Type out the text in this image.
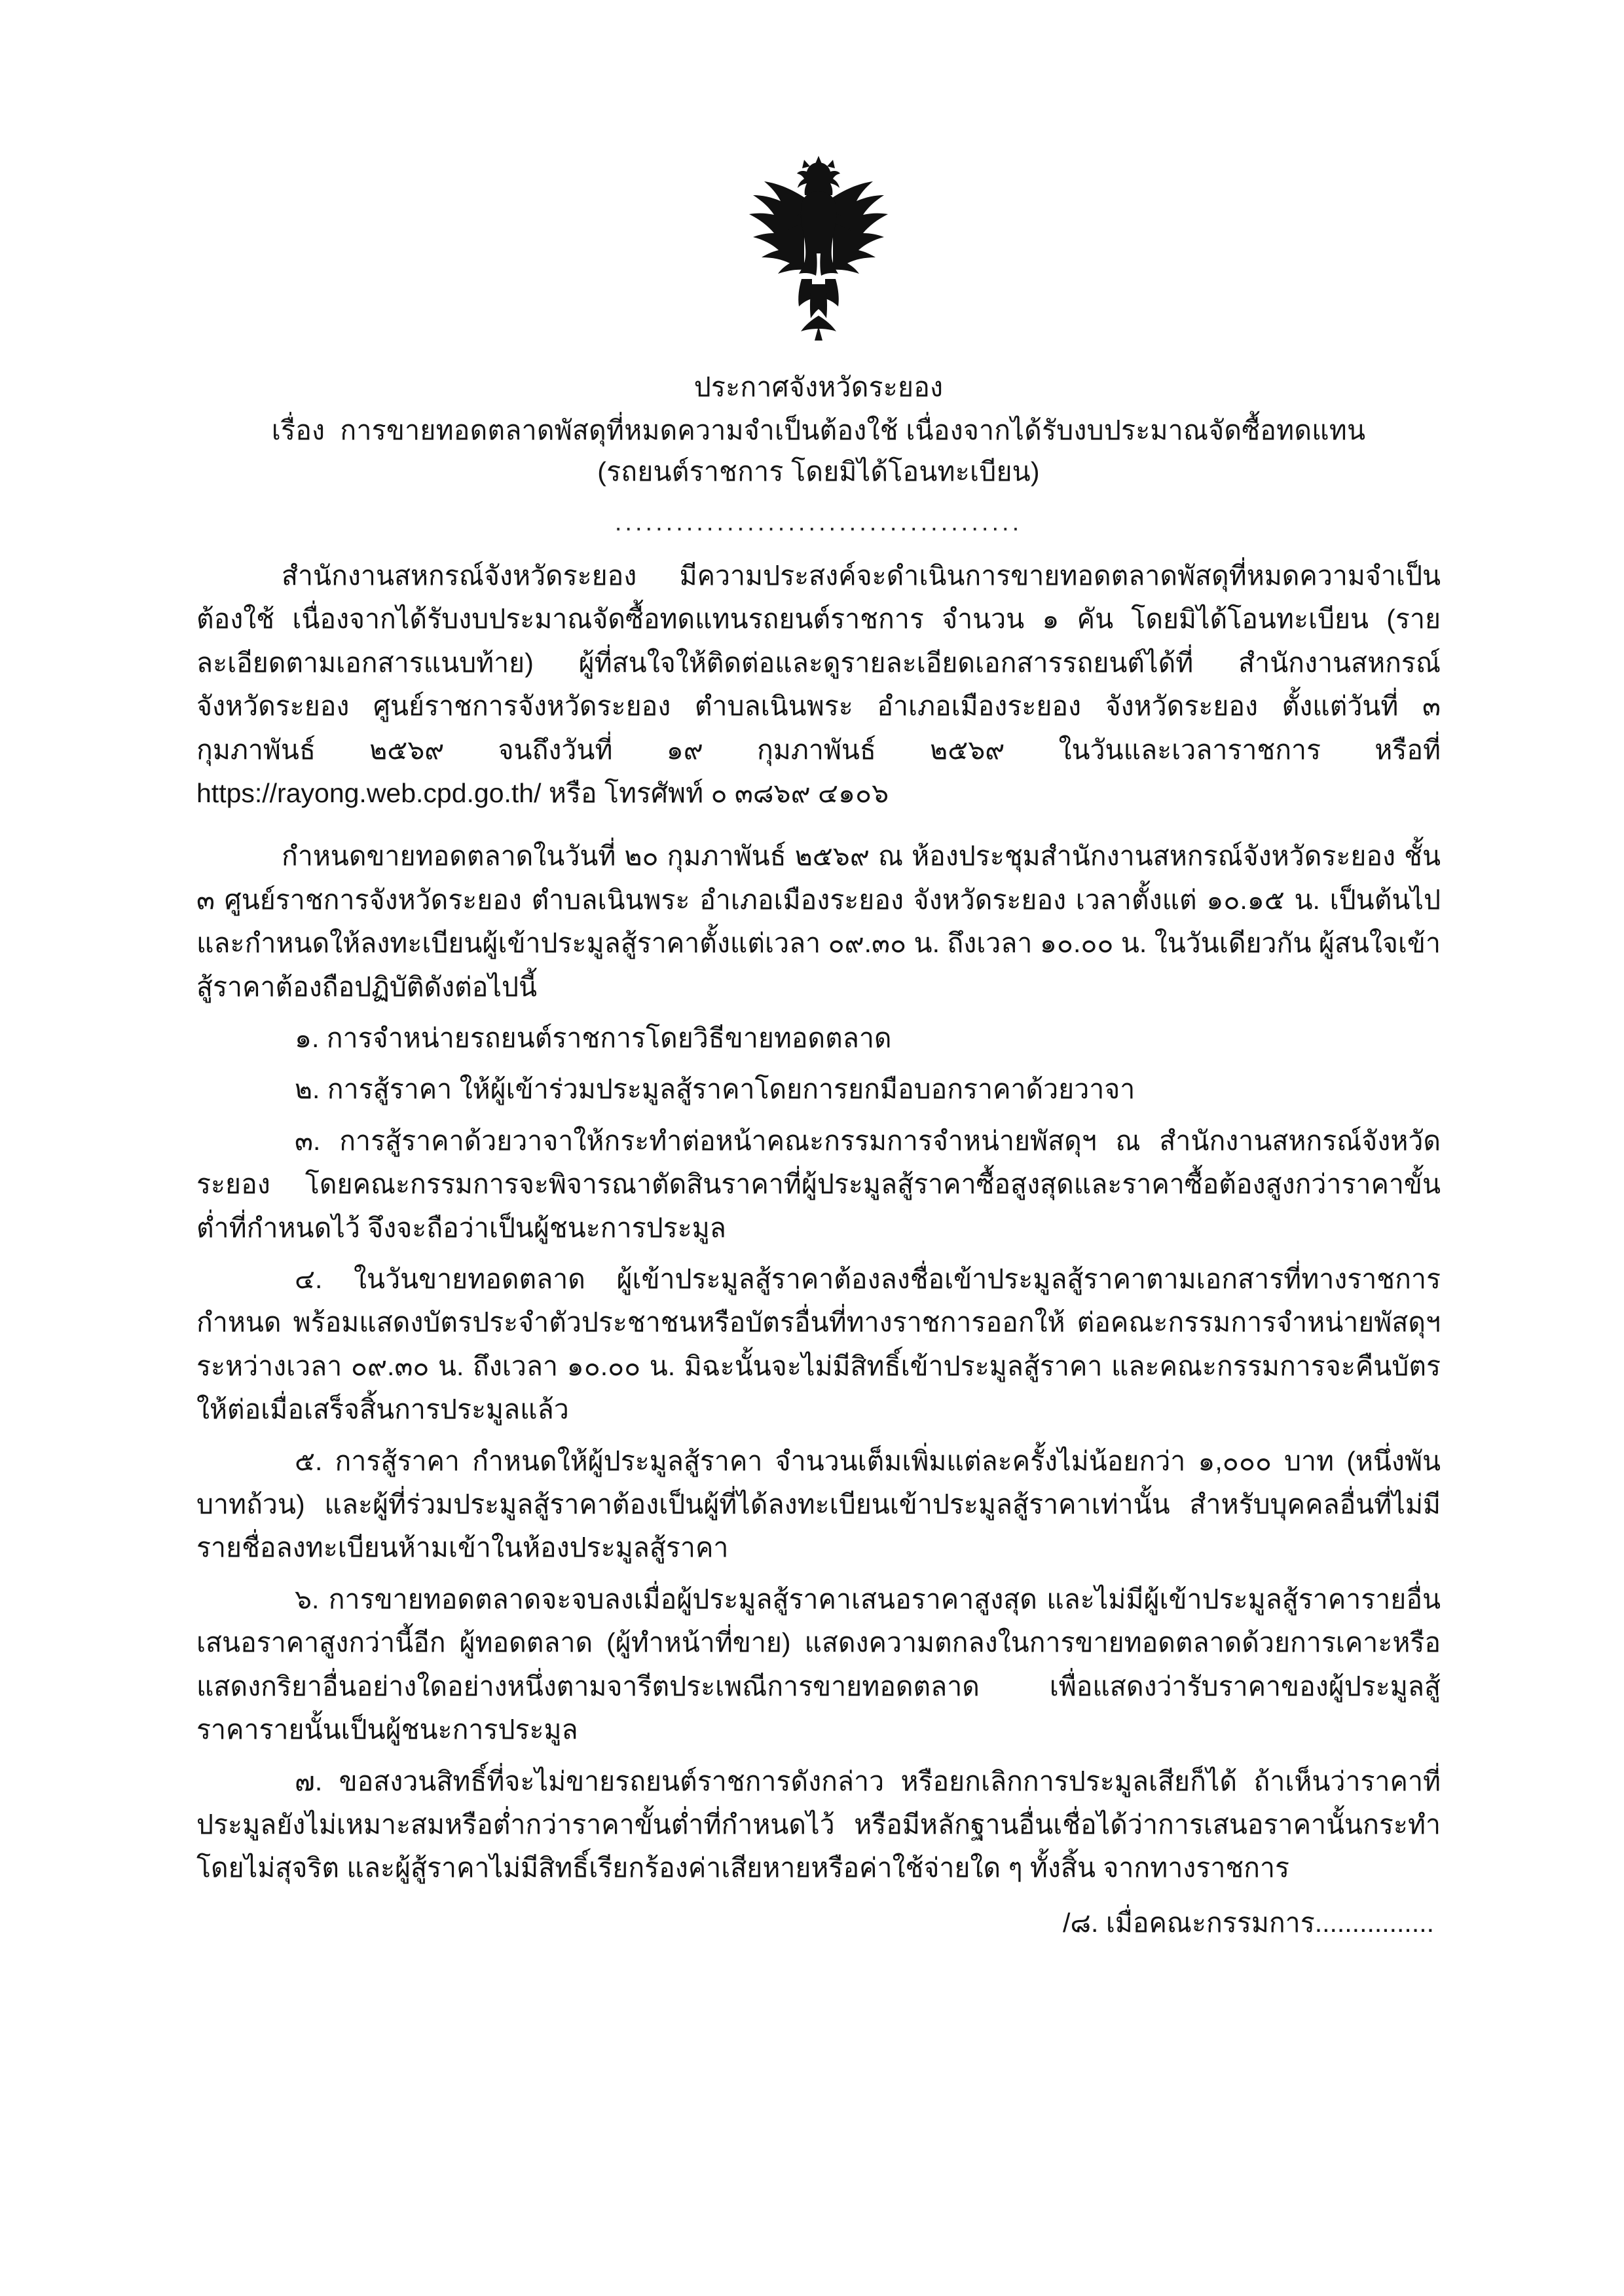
ประกาศจังหวัดระยอง
เรื่อง  การขายทอดตลาดพัสดุที่หมดความจำเป็นต้องใช้ เนื่องจากได้รับงบประมาณจัดซื้อทดแทน
(รถยนต์ราชการ โดยมิได้โอนทะเบียน)
........................................

สำนักงานสหกรณ์จังหวัดระยอง มีความประสงค์จะดำเนินการขายทอดตลาดพัสดุที่หมดความจำเป็นต้องใช้ เนื่องจากได้รับงบประมาณจัดซื้อทดแทนรถยนต์ราชการ จำนวน ๑ คัน โดยมิได้โอนทะเบียน (รายละเอียดตามเอกสารแนบท้าย) ผู้ที่สนใจให้ติดต่อและดูรายละเอียดเอกสารรถยนต์ได้ที่ สำนักงานสหกรณ์จังหวัดระยอง ศูนย์ราชการจังหวัดระยอง ตำบลเนินพระ อำเภอเมืองระยอง จังหวัดระยอง ตั้งแต่วันที่ ๓ กุมภาพันธ์ ๒๕๖๙ จนถึงวันที่ ๑๙ กุมภาพันธ์ ๒๕๖๙ ในวันและเวลาราชการ หรือที่ https://rayong.web.cpd.go.th/ หรือ โทรศัพท์ ๐ ๓๘๖๙ ๔๑๐๖

กำหนดขายทอดตลาดในวันที่ ๒๐ กุมภาพันธ์ ๒๕๖๙ ณ ห้องประชุมสำนักงานสหกรณ์จังหวัดระยอง ชั้น ๓ ศูนย์ราชการจังหวัดระยอง ตำบลเนินพระ อำเภอเมืองระยอง จังหวัดระยอง เวลาตั้งแต่ ๑๐.๑๕ น. เป็นต้นไป และกำหนดให้ลงทะเบียนผู้เข้าประมูลสู้ราคาตั้งแต่เวลา ๐๙.๓๐ น. ถึงเวลา ๑๐.๐๐ น. ในวันเดียวกัน ผู้สนใจเข้าสู้ราคาต้องถือปฏิบัติดังต่อไปนี้

๑. การจำหน่ายรถยนต์ราชการโดยวิธีขายทอดตลาด

๒. การสู้ราคา ให้ผู้เข้าร่วมประมูลสู้ราคาโดยการยกมือบอกราคาด้วยวาจา

๓. การสู้ราคาด้วยวาจาให้กระทำต่อหน้าคณะกรรมการจำหน่ายพัสดุฯ ณ สำนักงานสหกรณ์จังหวัดระยอง โดยคณะกรรมการจะพิจารณาตัดสินราคาที่ผู้ประมูลสู้ราคาซื้อสูงสุดและราคาซื้อต้องสูงกว่าราคาขั้นต่ำที่กำหนดไว้ จึงจะถือว่าเป็นผู้ชนะการประมูล

๔. ในวันขายทอดตลาด ผู้เข้าประมูลสู้ราคาต้องลงชื่อเข้าประมูลสู้ราคาตามเอกสารที่ทางราชการกำหนด พร้อมแสดงบัตรประจำตัวประชาชนหรือบัตรอื่นที่ทางราชการออกให้ ต่อคณะกรรมการจำหน่ายพัสดุฯ ระหว่างเวลา ๐๙.๓๐ น. ถึงเวลา ๑๐.๐๐ น. มิฉะนั้นจะไม่มีสิทธิ์เข้าประมูลสู้ราคา และคณะกรรมการจะคืนบัตรให้ต่อเมื่อเสร็จสิ้นการประมูลแล้ว

๕. การสู้ราคา กำหนดให้ผู้ประมูลสู้ราคา จำนวนเต็มเพิ่มแต่ละครั้งไม่น้อยกว่า ๑,๐๐๐ บาท (หนึ่งพันบาทถ้วน) และผู้ที่ร่วมประมูลสู้ราคาต้องเป็นผู้ที่ได้ลงทะเบียนเข้าประมูลสู้ราคาเท่านั้น สำหรับบุคคลอื่นที่ไม่มีรายชื่อลงทะเบียนห้ามเข้าในห้องประมูลสู้ราคา

๖. การขายทอดตลาดจะจบลงเมื่อผู้ประมูลสู้ราคาเสนอราคาสูงสุด และไม่มีผู้เข้าประมูลสู้ราคารายอื่นเสนอราคาสูงกว่านี้อีก ผู้ทอดตลาด (ผู้ทำหน้าที่ขาย) แสดงความตกลงในการขายทอดตลาดด้วยการเคาะหรือแสดงกริยาอื่นอย่างใดอย่างหนึ่งตามจารีตประเพณีการขายทอดตลาด เพื่อแสดงว่ารับราคาของผู้ประมูลสู้ราคารายนั้นเป็นผู้ชนะการประมูล

๗. ขอสงวนสิทธิ์ที่จะไม่ขายรถยนต์ราชการดังกล่าว หรือยกเลิกการประมูลเสียก็ได้ ถ้าเห็นว่าราคาที่ประมูลยังไม่เหมาะสมหรือต่ำกว่าราคาขั้นต่ำที่กำหนดไว้ หรือมีหลักฐานอื่นเชื่อได้ว่าการเสนอราคานั้นกระทำโดยไม่สุจริต และผู้สู้ราคาไม่มีสิทธิ์เรียกร้องค่าเสียหายหรือค่าใช้จ่ายใด ๆ ทั้งสิ้น จากทางราชการ

/๘. เมื่อคณะกรรมการ................
